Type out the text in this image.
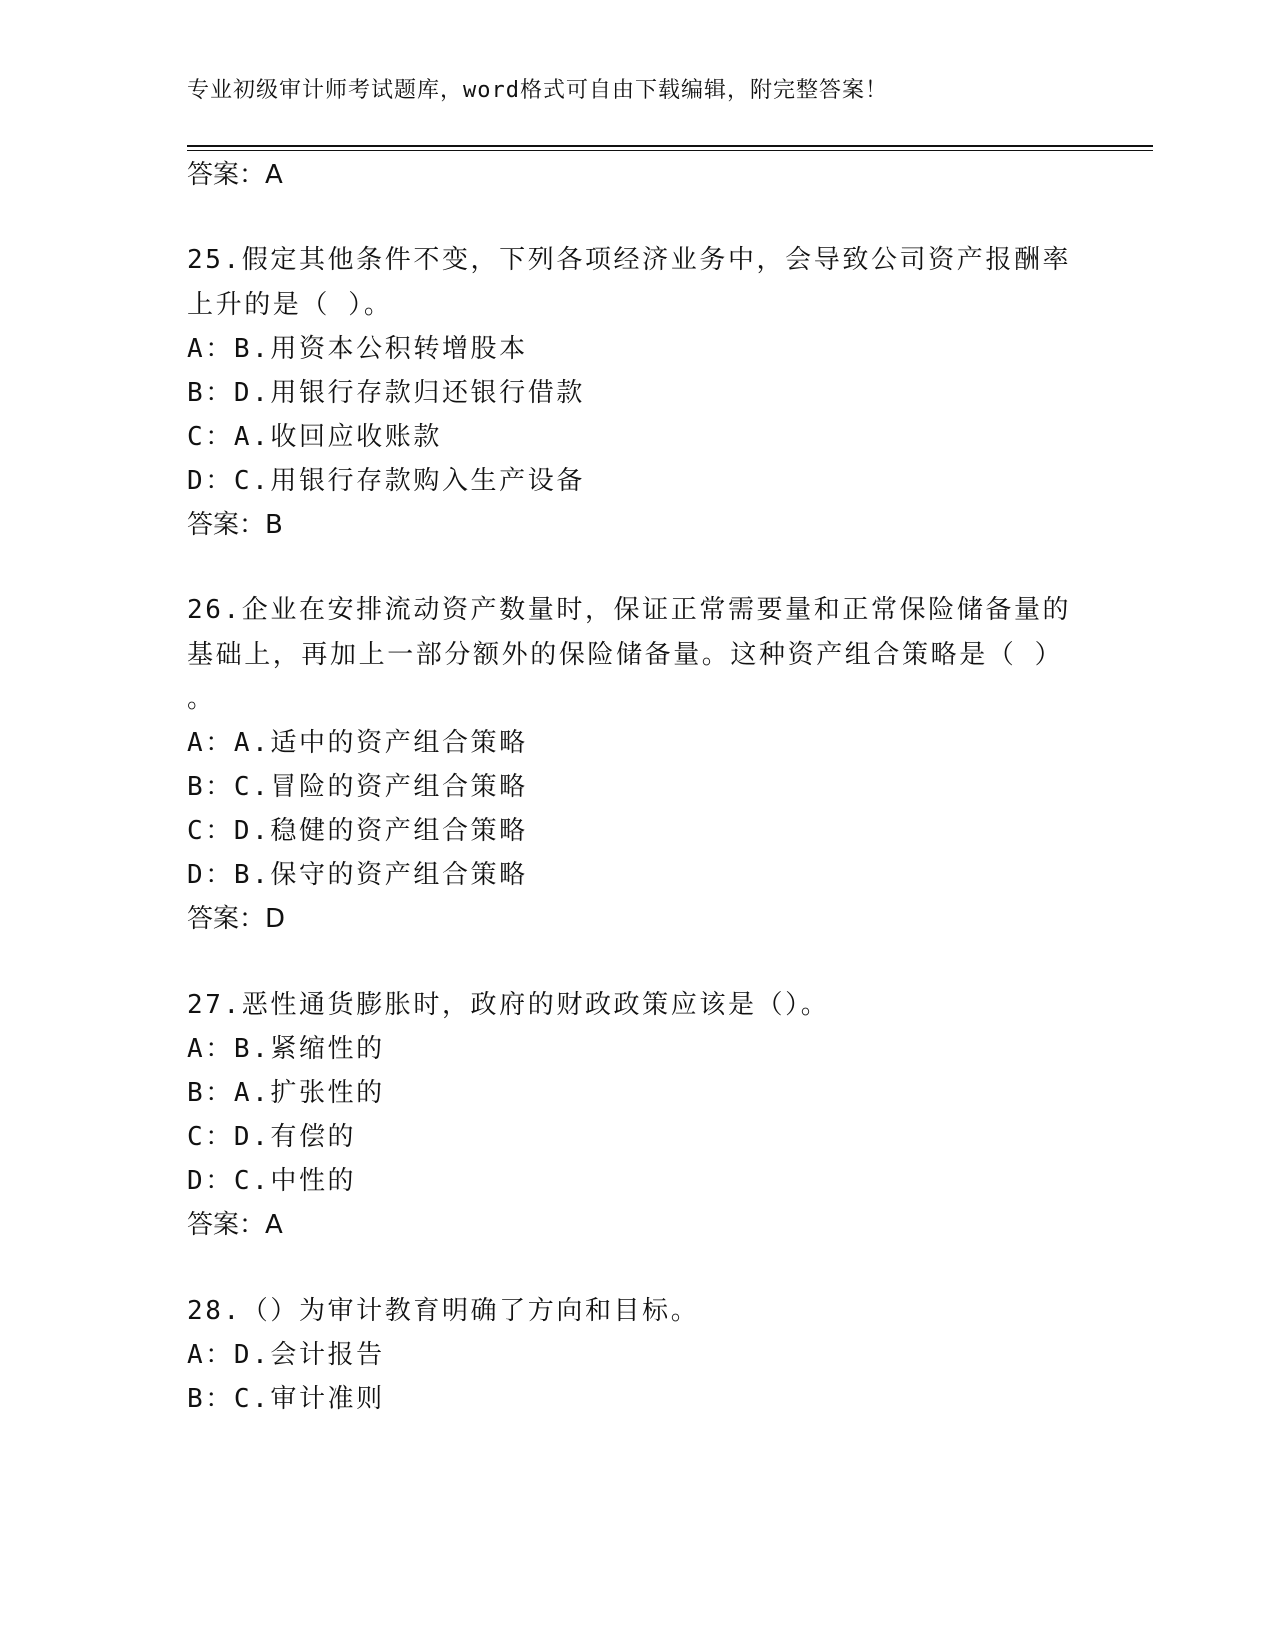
专业初级审计师考试题库，word格式可自由下载编辑，附完整答案！
答案：A
25.假定其他条件不变，下列各项经济业务中，会导致公司资产报酬率
上升的是（ ）。
A：B.用资本公积转增股本
B：D.用银行存款归还银行借款
C：A.收回应收账款
D：C.用银行存款购入生产设备
答案：B
26.企业在安排流动资产数量时，保证正常需要量和正常保险储备量的
基础上，再加上一部分额外的保险储备量。这种资产组合策略是（ ）
。
A：A.适中的资产组合策略
B：C.冒险的资产组合策略
C：D.稳健的资产组合策略
D：B.保守的资产组合策略
答案：D
27.恶性通货膨胀时，政府的财政政策应该是（）。
A：B.紧缩性的
B：A.扩张性的
C：D.有偿的
D：C.中性的
答案：A
28.（）为审计教育明确了方向和目标。
A：D.会计报告
B：C.审计准则
